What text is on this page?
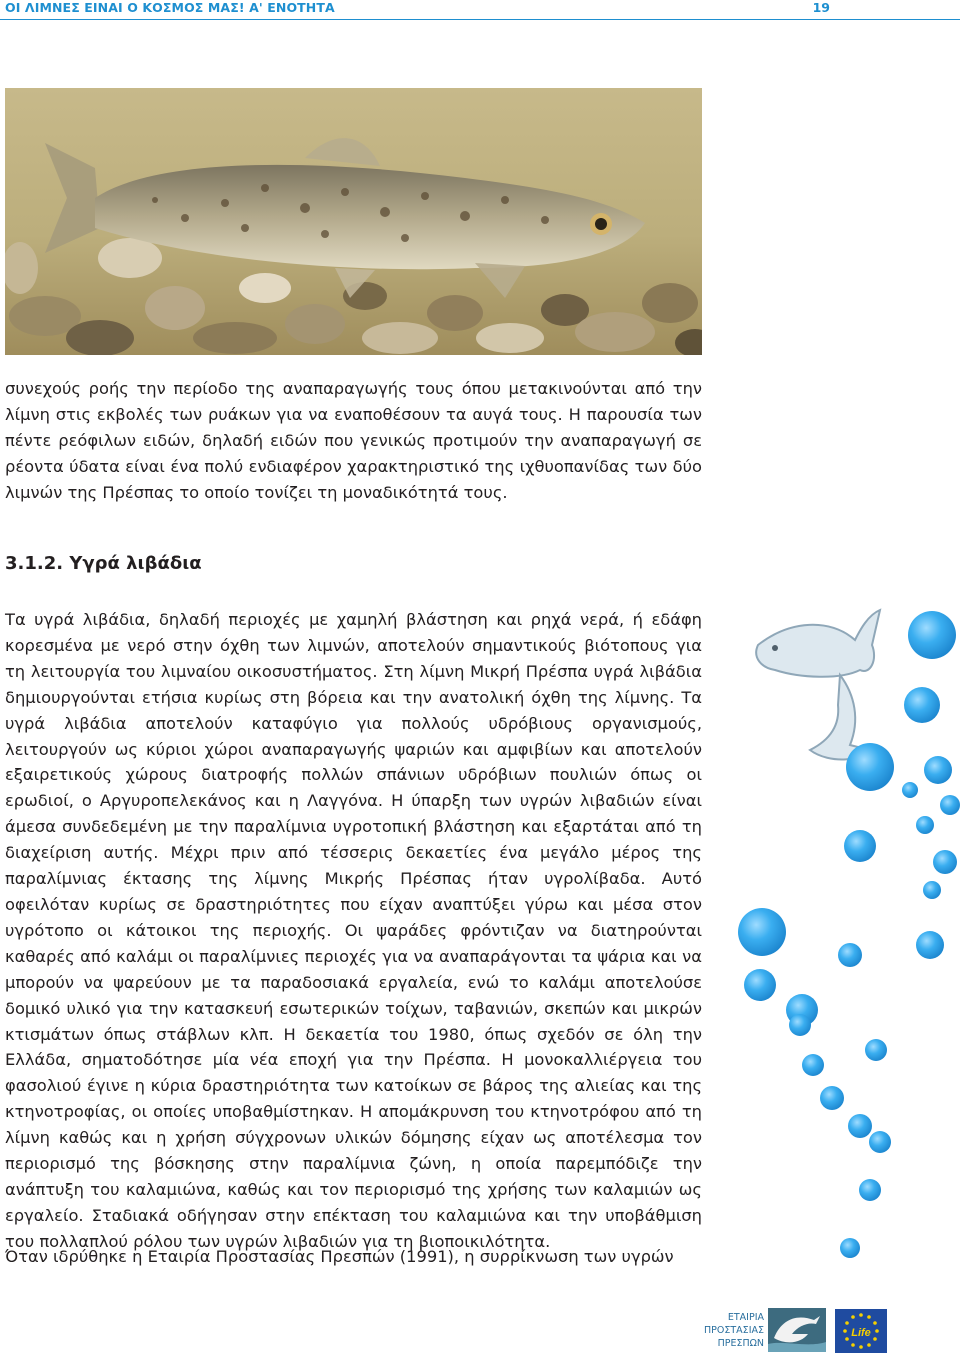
ΟΙ ΛΙΜΝΕΣ ΕΙΝΑΙ Ο ΚΟΣΜΟΣ ΜΑΣ! Α' ΕΝΟΤΗΤΑ	19

συνεχούς ροής την περίοδο της αναπαραγωγής τους όπου μετακινούνται από την λίμνη στις εκβολές των ρυάκων για να εναποθέσουν τα αυγά τους. Η παρουσία των πέντε ρεόφιλων ειδών, δηλαδή ειδών που γενικώς προτιμούν την αναπαραγωγή σε ρέοντα ύδατα είναι ένα πολύ ενδιαφέρον χαρακτηριστικό της ιχθυοπανίδας των δύο λιμνών της Πρέσπας το οποίο τονίζει τη μοναδικότητά τους.

3.1.2. Υγρά λιβάδια

Τα υγρά λιβάδια, δηλαδή περιοχές με χαμηλή βλάστηση και ρηχά νερά, ή εδάφη κορεσμένα με νερό στην όχθη των λιμνών, αποτελούν σημαντικούς βιότοπους για τη λειτουργία του λιμναίου οικοσυστήματος. Στη λίμνη Μικρή Πρέσπα υγρά λιβάδια δημιουργούνται ετήσια κυρίως στη βόρεια και την ανατολική όχθη της λίμνης. Τα υγρά λιβάδια αποτελούν καταφύγιο για πολλούς υδρόβιους οργανισμούς, λειτουργούν ως κύριοι χώροι αναπαραγωγής ψαριών και αμφιβίων και αποτελούν εξαιρετικούς χώρους διατροφής πολλών σπάνιων υδρόβιων πουλιών όπως οι ερωδιοί, ο Αργυροπελεκάνος και η Λαγγόνα. Η ύπαρξη των υγρών λιβαδιών είναι άμεσα συνδεδεμένη με την παραλίμνια υγροτοπική βλάστηση και εξαρτάται από τη διαχείριση αυτής. Μέχρι πριν από τέσσερις δεκαετίες ένα μεγάλο μέρος της παραλίμνιας έκτασης της λίμνης Μικρής Πρέσπας ήταν υγρολίβαδα. Αυτό οφειλόταν κυρίως σε δραστηριότητες που είχαν αναπτύξει γύρω και μέσα στον υγρότοπο οι κάτοικοι της περιοχής. Οι ψαράδες φρόντιζαν να διατηρούνται καθαρές από καλάμι οι παραλίμνιες περιοχές για να αναπαράγονται τα ψάρια και να μπορούν να ψαρεύουν με τα παραδοσιακά εργαλεία, ενώ το καλάμι αποτελούσε δομικό υλικό για την κατασκευή εσωτερικών τοίχων, ταβανιών, σκεπών και μικρών κτισμάτων όπως στάβλων κλπ. Η δεκαετία του 1980, όπως σχεδόν σε όλη την Ελλάδα, σηματοδότησε μία νέα εποχή για την Πρέσπα. Η μονοκαλλιέργεια του φασολιού έγινε η κύρια δραστηριότητα των κατοίκων σε βάρος της αλιείας και της κτηνοτροφίας, οι οποίες υποβαθμίστηκαν. Η απομάκρυνση του κτηνοτρόφου από τη λίμνη καθώς και η χρήση σύγχρονων υλικών δόμησης είχαν ως αποτέλεσμα τον περιορισμό της βόσκησης στην παραλίμνια ζώνη, η οποία παρεμπόδιζε την ανάπτυξη του καλαμιώνα, καθώς και τον περιορισμό της χρήσης των καλαμιών ως εργαλείο. Σταδιακά οδήγησαν στην επέκταση του καλαμιώνα και την υποβάθμιση του πολλαπλού ρόλου των υγρών λιβαδιών για τη βιοποικιλότητα.

Όταν ιδρύθηκε η Εταιρία Προστασίας Πρεσπών (1991), η συρρίκνωση των υγρών

ΕΤΑΙΡΙΑ
ΠΡΟΣΤΑΣΙΑΣ
ΠΡΕΣΠΩΝ
Life
